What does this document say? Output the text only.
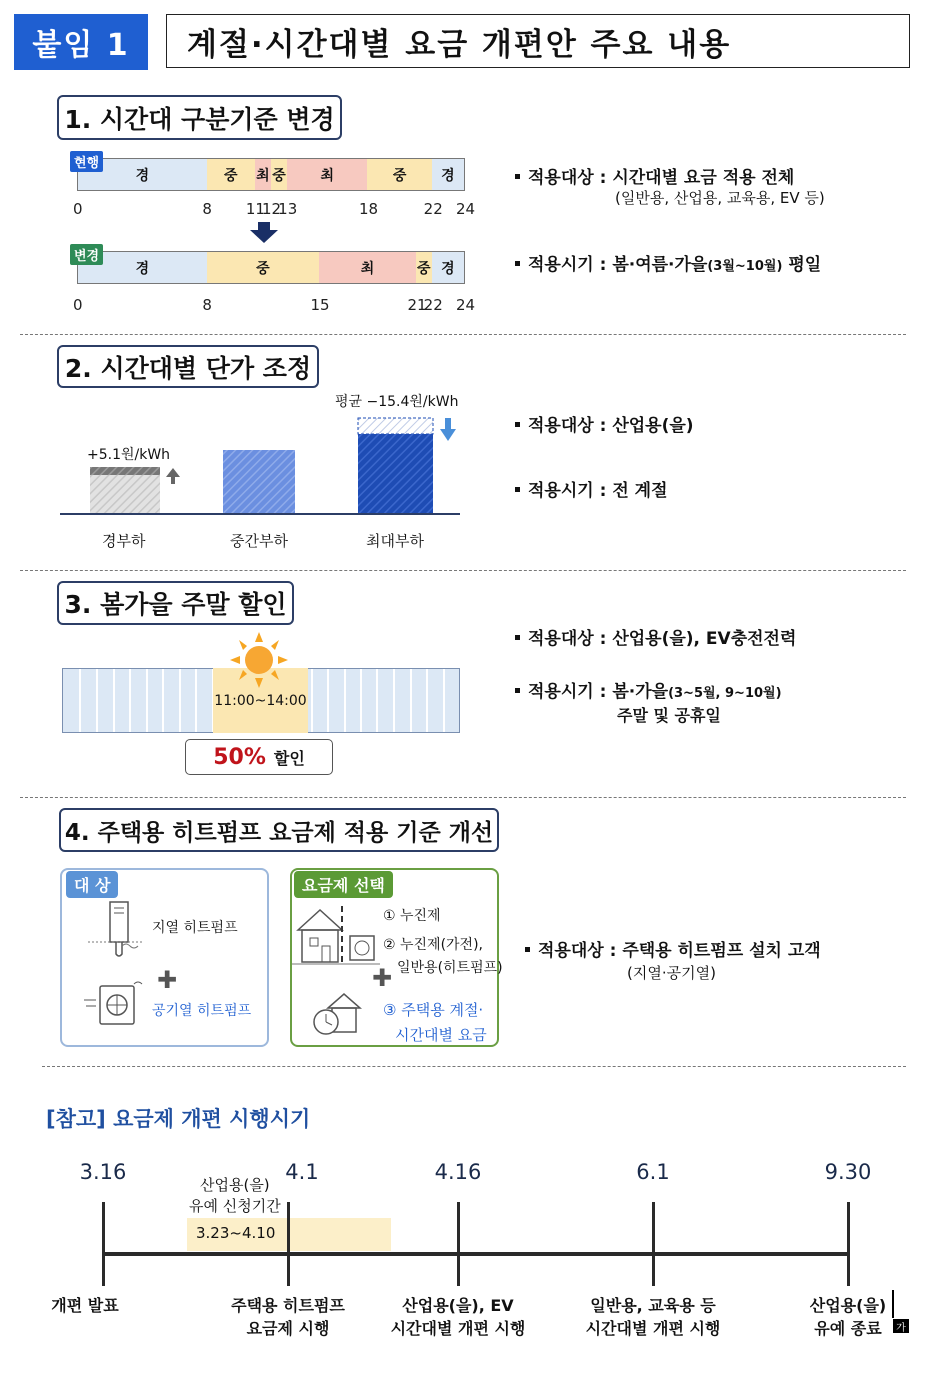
붙임 1	계절·시간대별 요금 개편안 주요 내용
1. 시간대 구분기준 변경
경	중	최 중	최	중	경
현행
0	8 11
12
13	18	22 24
경	중	최	중 경
변경
0	8	15	21
22 24
적용대상 : 시간대별 요금 적용 전체
(일반용, 산업용, 교육용, EV 등)
적용시기 : 봄·여름·가을(3월~10월) 평일
2. 시간대별 단가 조정
+5.1원/kWh
평균 −15.4원/kWh
경부하	중간부하	최대부하
적용대상 : 산업용(을)
적용시기 : 전 계절
3. 봄가을 주말 할인
11:00~14:00
50% 할인
적용대상 : 산업용(을), EV충전전력
적용시기 : 봄·가을(3~5월, 9~10월)
주말 및 공휴일
4. 주택용 히트펌프 요금제 적용 기준 개선
대 상
지열 히트펌프
✚
공기열 히트펌프
요금제 선택
① 누진제
② 누진제(가전),
일반용(히트펌프)
✚
③ 주택용 계절·
시간대별 요금
적용대상 : 주택용 히트펌프 설치 고객
(지열·공기열)
[참고] 요금제 개편 시행시기
3.23~4.10
산업용(을)
유예 신청기간
3.16
개편 발표
4.1
주택용 히트펌프
요금제 시행
4.16
산업용(을), EV
시간대별 개편 시행
6.1
일반용, 교육용 등
시간대별 개편 시행
9.30
산업용(을)
유예 종료	가
